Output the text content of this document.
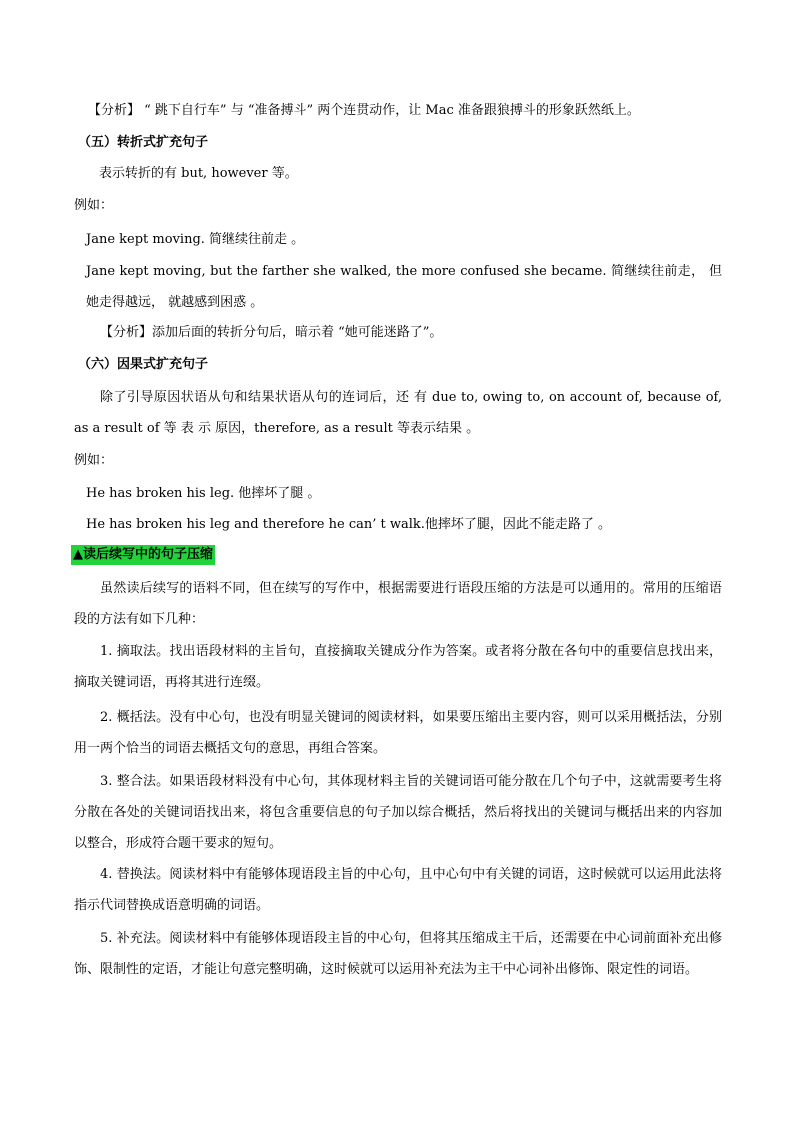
【分析】 “ 跳下自行车” 与 “准备搏斗” 两个连贯动作，让 Mac 准备跟狼搏斗的形象跃然纸上。
（五）转折式扩充句子
表示转折的有 but, however 等。
例如：
Jane kept moving. 简继续往前走 。
Jane kept moving, but the farther she walked, the more confused she became. 简继续往前走， 但她走得越远， 就越感到困惑 。
【分析】添加后面的转折分句后，暗示着 “她可能迷路了”。
（六）因果式扩充句子
除了引导原因状语从句和结果状语从句的连词后，还 有 due to, owing to, on account of, because of, as a result of 等 表 示 原因，therefore, as a result 等表示结果 。
例如：
He has broken his leg. 他摔坏了腿 。
He has broken his leg and therefore he can’ t walk.他摔坏了腿，因此不能走路了 。
▲读后续写中的句子压缩
虽然读后续写的语料不同，但在续写的写作中，根据需要进行语段压缩的方法是可以通用的。常用的压缩语段的方法有如下几种：
1. 摘取法。找出语段材料的主旨句，直接摘取关键成分作为答案。或者将分散在各句中的重要信息找出来，摘取关键词语，再将其进行连缀。
2. 概括法。没有中心句，也没有明显关键词的阅读材料，如果要压缩出主要内容，则可以采用概括法，分别用一两个恰当的词语去概括文句的意思，再组合答案。
3. 整合法。如果语段材料没有中心句，其体现材料主旨的关键词语可能分散在几个句子中，这就需要考生将分散在各处的关键词语找出来，将包含重要信息的句子加以综合概括，然后将找出的关键词与概括出来的内容加以整合，形成符合题干要求的短句。
4. 替换法。阅读材料中有能够体现语段主旨的中心句，且中心句中有关键的词语，这时候就可以运用此法将指示代词替换成语意明确的词语。
5. 补充法。阅读材料中有能够体现语段主旨的中心句，但将其压缩成主干后，还需要在中心词前面补充出修饰、限制性的定语，才能让句意完整明确，这时候就可以运用补充法为主干中心词补出修饰、限定性的词语。
